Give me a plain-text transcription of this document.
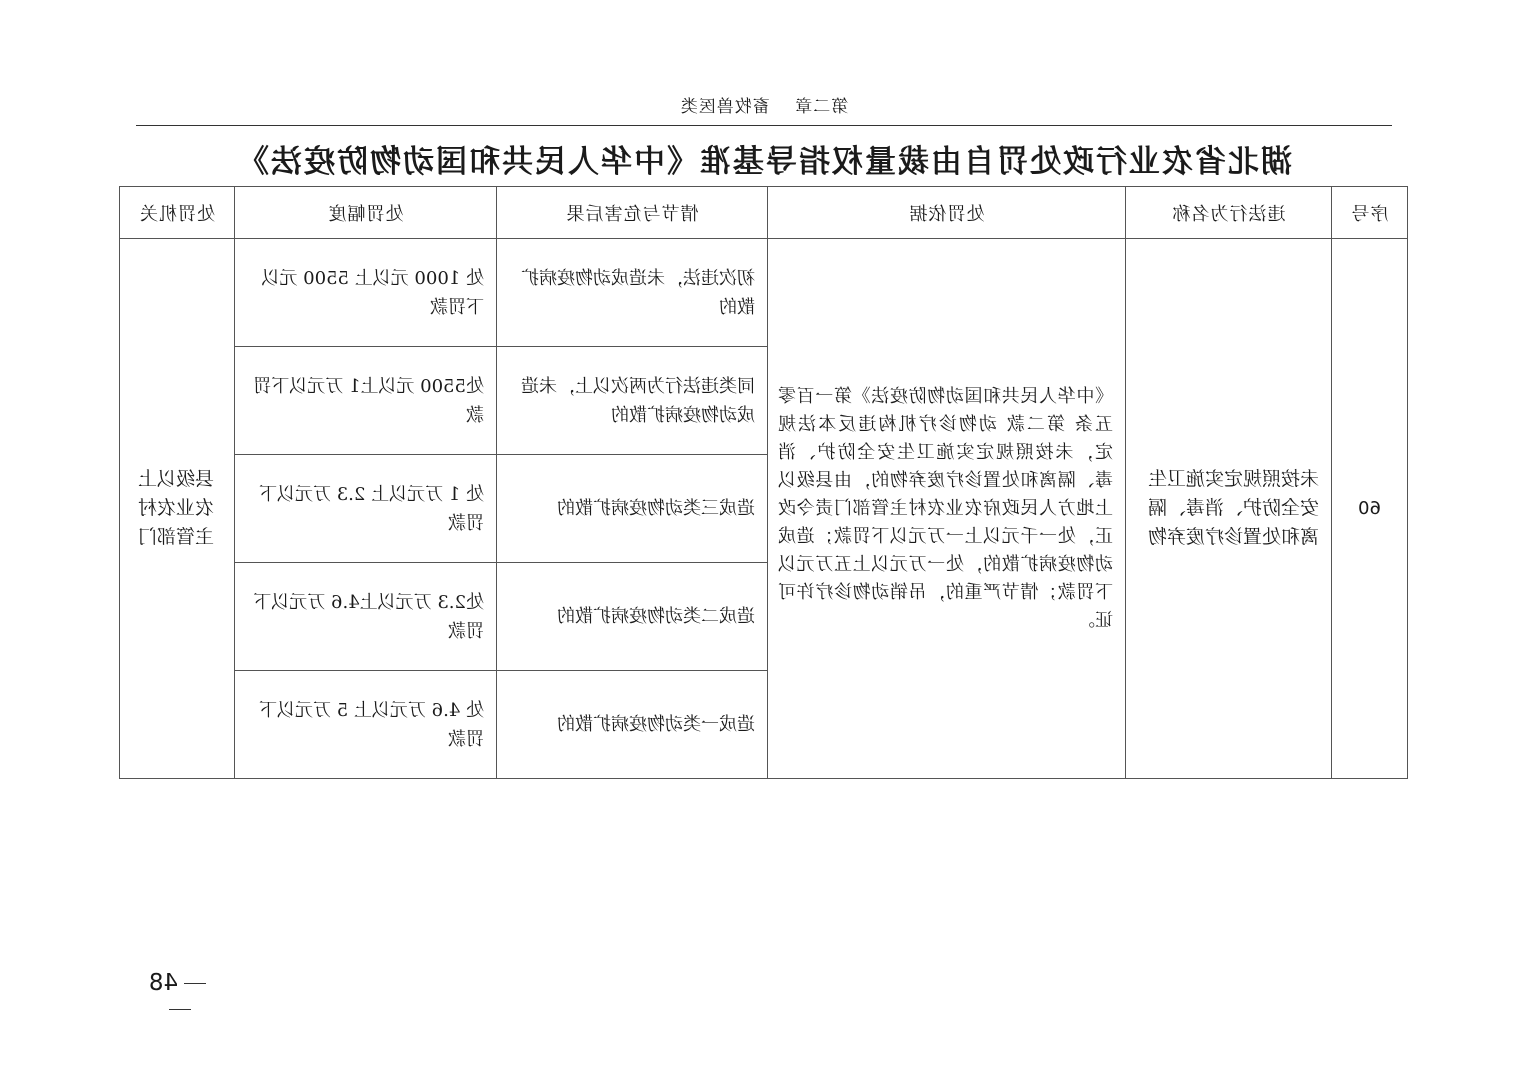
第二章 畜牧兽医类
湖北省农业行政处罚自由裁量权指导基准《中华人民共和国动物防疫法》
序号	违法行为名称	处罚依据	情节与危害后果	处罚幅度	处罚机关
60	未按照规定实施卫生安全防护、消毒、隔离和处置诊疗废弃物	《中华人民共和国动物防疫法》第一百零五条 第二款 动物诊疗机构违反本法规定，未按照规定实施卫生安全防护、消毒、隔离和处置诊疗废弃物的，由县级以上地方人民政府农业农村主管部门责令改正，处一千元以上一万元以下罚款；造成动物疫病扩散的，处一万元以上五万元以下罚款；情节严重的，吊销动物诊疗许可证。	初次违法，未造成动物疫病扩散的	处 1000 元以上 5500 元以下罚款	县级以上农业农村主管部门
			同类违法行为两次以上，未造成动物疫病扩散的	处5500 元以上1 万元以下罚款	
			造成三类动物疫病扩散的	处 1 万元以上 2.3 万元以下罚款	
			造成二类动物疫病扩散的	处2.3 万元以上4.6 万元以下罚款	
			造成一类动物疫病扩散的	处 4.6 万元以上 5 万元以下罚款	
48
